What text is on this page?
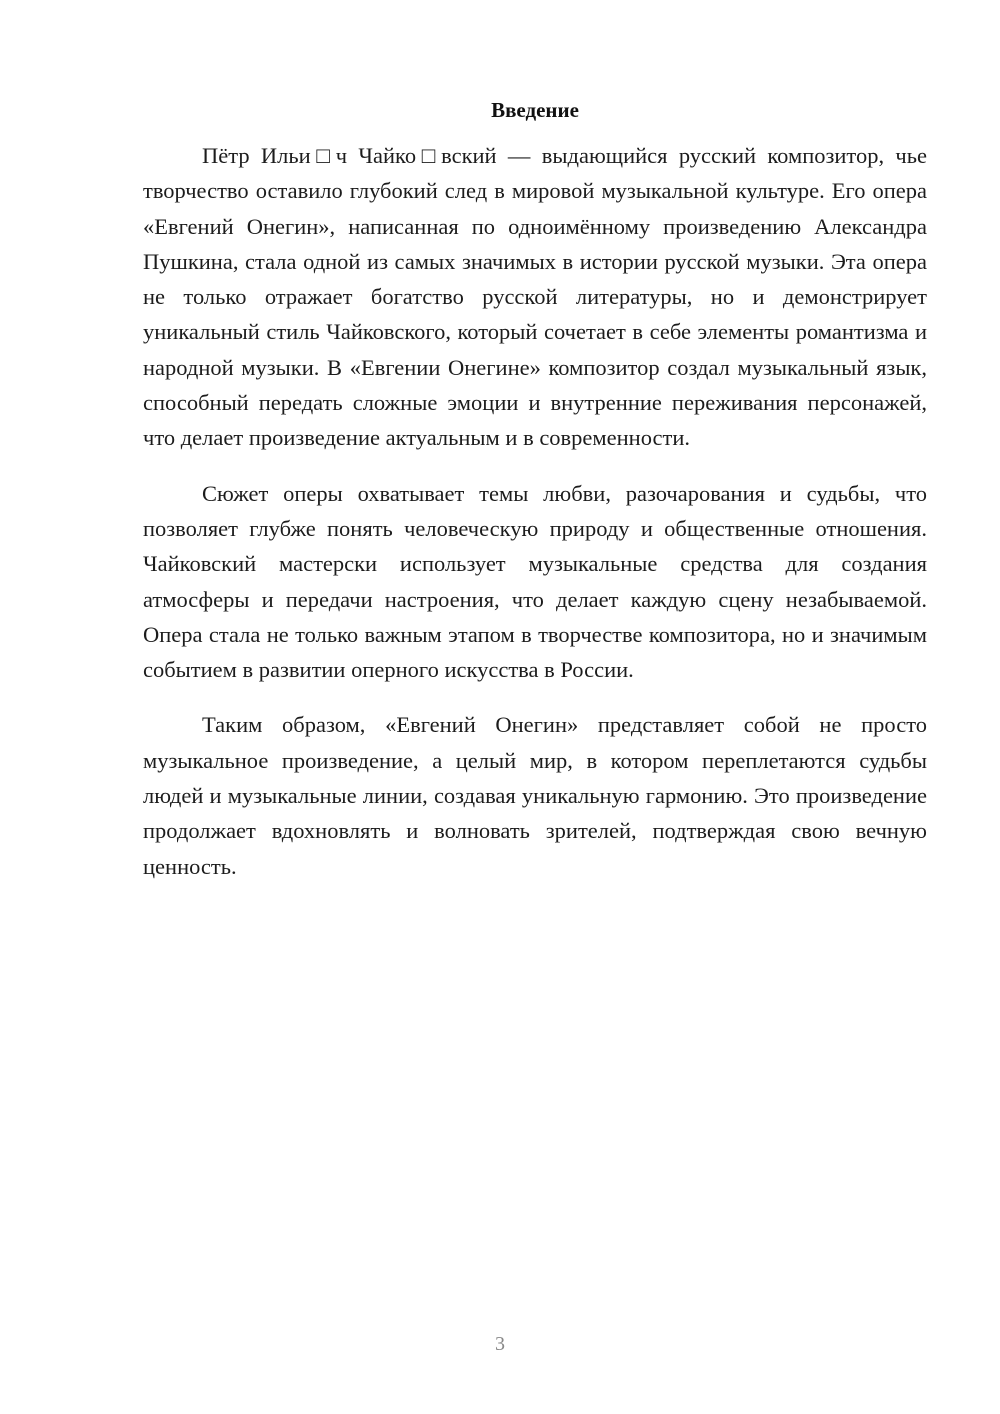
Введение

Пётр Ильи□ч Чайко□вский — выдающийся русский композитор, чье творчество оставило глубокий след в мировой музыкальной культуре. Его опера «Евгений Онегин», написанная по одноимённому произведению Александра Пушкина, стала одной из самых значимых в истории русской музыки. Эта опера не только отражает богатство русской литературы, но и демонстрирует уникальный стиль Чайковского, который сочетает в себе элементы романтизма и народной музыки. В «Евгении Онегине» композитор создал музыкальный язык, способный передать сложные эмоции и внутренние переживания персонажей, что делает произведение актуальным и в современности.

Сюжет оперы охватывает темы любви, разочарования и судьбы, что позволяет глубже понять человеческую природу и общественные отношения. Чайковский мастерски использует музыкальные средства для создания атмосферы и передачи настроения, что делает каждую сцену незабываемой. Опера стала не только важным этапом в творчестве композитора, но и значимым событием в развитии оперного искусства в России.

Таким образом, «Евгений Онегин» представляет собой не просто музыкальное произведение, а целый мир, в котором переплетаются судьбы людей и музыкальные линии, создавая уникальную гармонию. Это произведение продолжает вдохновлять и волновать зрителей, подтверждая свою вечную ценность.

3
